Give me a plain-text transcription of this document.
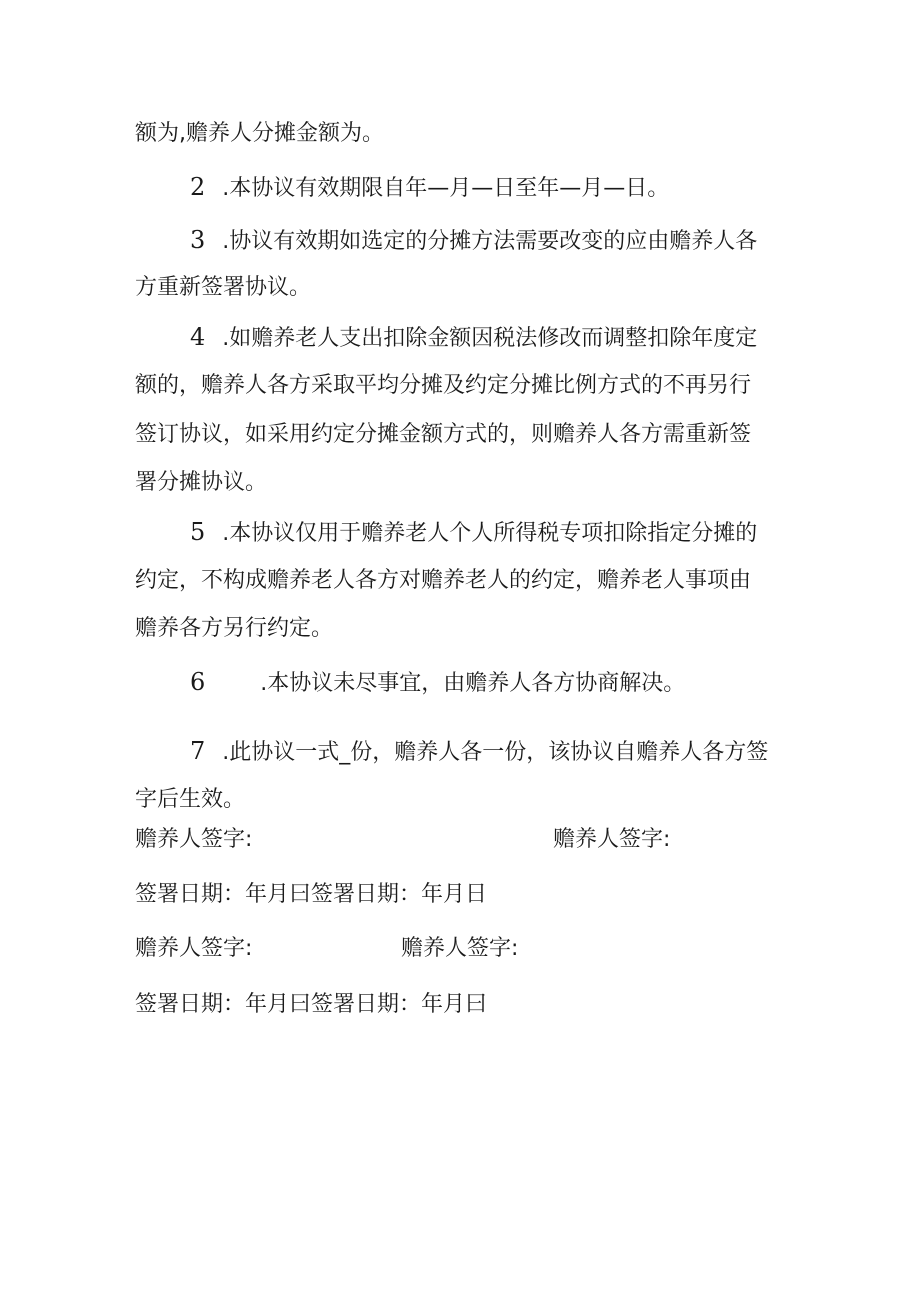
额为,赡养人分摊金额为。
2 .本协议有效期限自年—月—日至年—月—日。
3 .协议有效期如选定的分摊方法需要改变的应由赡养人各
方重新签署协议。
4 .如赡养老人支出扣除金额因税法修改而调整扣除年度定
额的，赡养人各方采取平均分摊及约定分摊比例方式的不再另行
签订协议，如采用约定分摊金额方式的，则赡养人各方需重新签
署分摊协议。
5 .本协议仅用于赡养老人个人所得税专项扣除指定分摊的
约定，不构成赡养老人各方对赡养老人的约定，赡养老人事项由
赡养各方另行约定。
6	.本协议未尽事宜，由赡养人各方协商解决。
7 .此协议一式_份，赡养人各一份，该协议自赡养人各方签
字后生效。
赡养人签字:	赡养人签字:
签署日期：年月曰签署日期：年月日
赡养人签字:	赡养人签字:
签署日期：年月曰签署日期：年月曰
